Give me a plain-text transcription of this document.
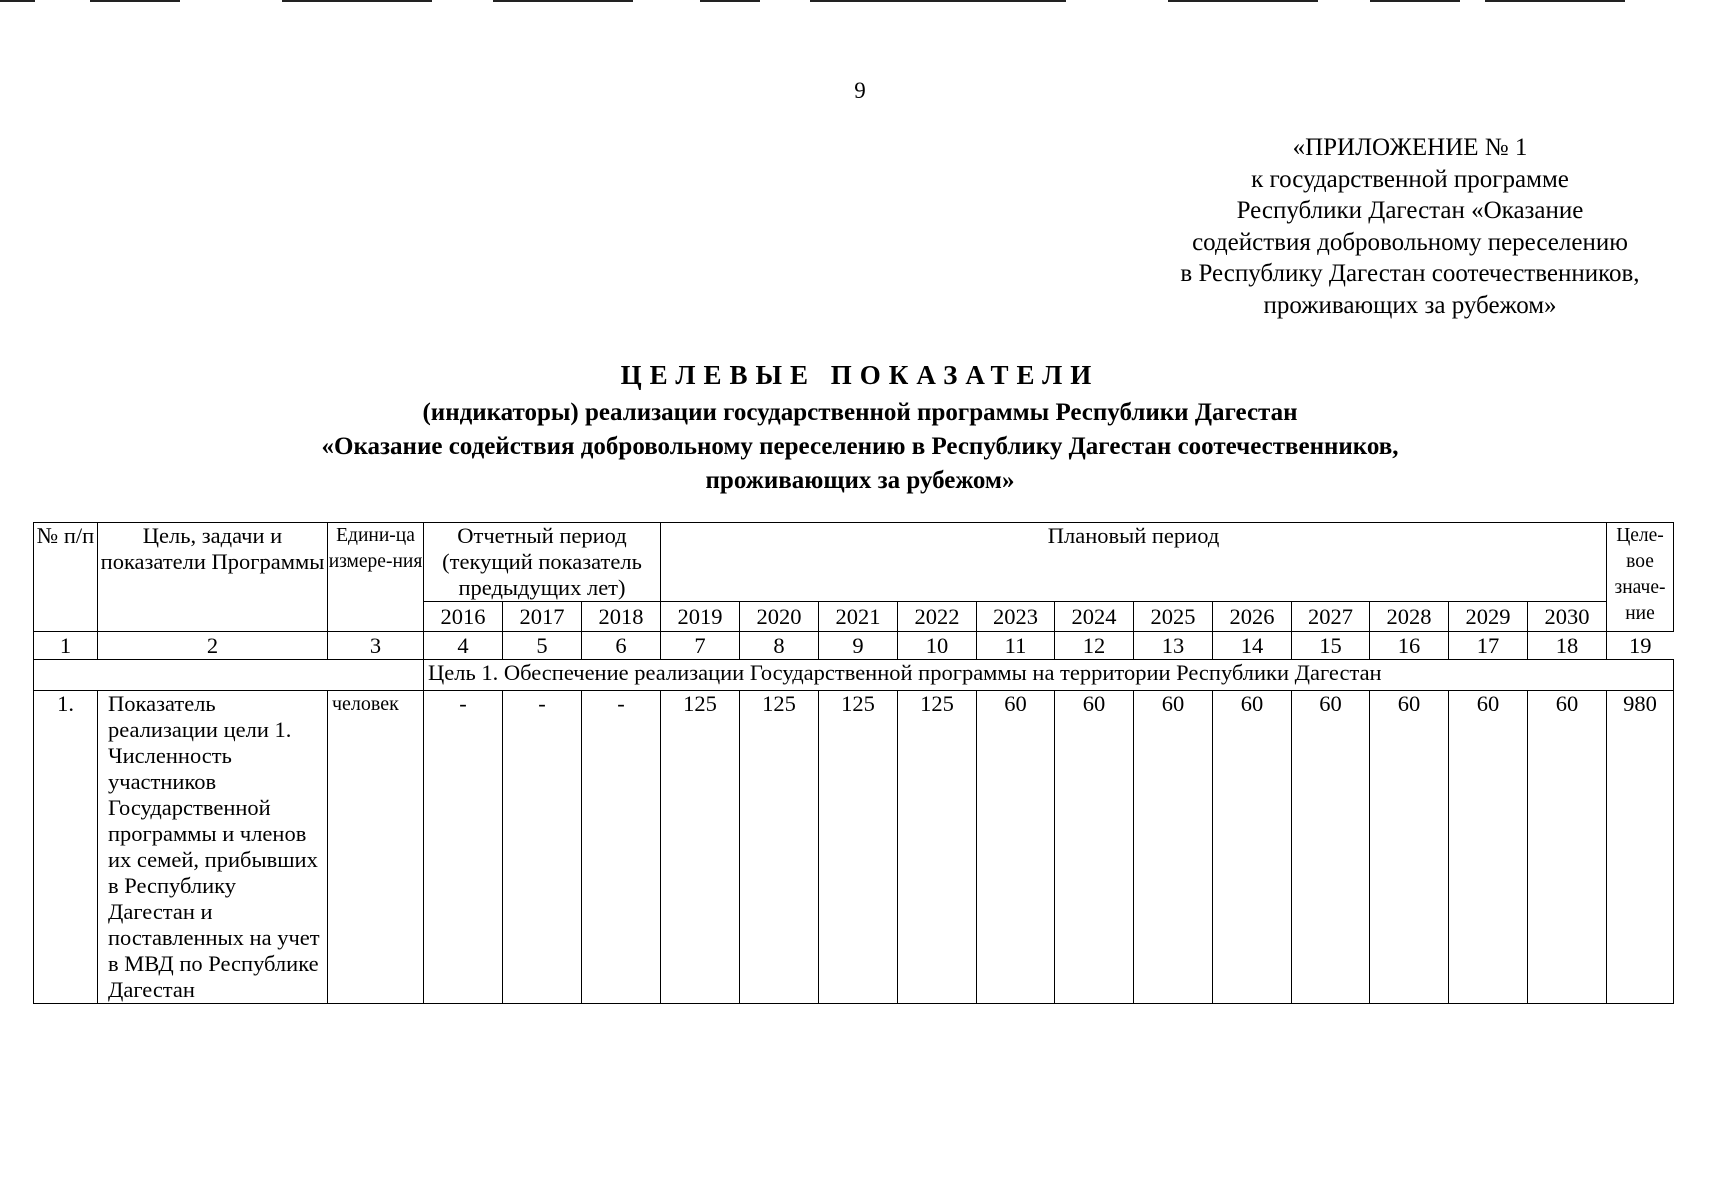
9
«ПРИЛОЖЕНИЕ № 1
к государственной программе
Республики Дагестан «Оказание
содействия добровольному переселению
в Республику Дагестан соотечественников,
проживающих за рубежом»
ЦЕЛЕВЫЕ ПОКАЗАТЕЛИ
(индикаторы) реализации государственной программы Республики Дагестан
«Оказание содействия добровольному переселению в Республику Дагестан соотечественников,
проживающих за рубежом»
№ п/п	Цель, задачи и показатели Программы	Едини-ца измере-ния	Отчетный период (текущий показатель предыдущих лет)			Плановый период												Целе-вое значе-ние
			2016	2017	2018	2019	2020	2021	2022	2023	2024	2025	2026	2027	2028	2029	2030	
1	2	3	4	5	6	7	8	9	10	11	12	13	14	15	16	17	18	19
			Цель 1. Обеспечение реализации Государственной программы на территории Республики Дагестан															
1.	Показатель реализации цели 1. Численность участников Государственной программы и членов их семей, прибывших в Республику Дагестан и поставленных на учет в МВД по Республике Дагестан	человек	-	-	-	125	125	125	125	60	60	60	60	60	60	60	60	980
